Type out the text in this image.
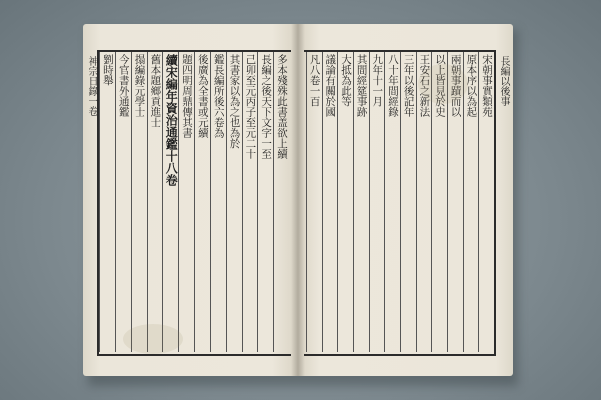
神宗日錄一卷	多本殘殊此書盖欲上續
長編之後天下文字一至
己卯至元丙子至元二十
其書家以為之也為於
鑑長編所後六卷為
後廣為全書或元續
題四明周鼎傳其書
續宋編年資治通鑑十八卷
舊本題鄉貢進士
搨編錄元學士
今官書外通鑑
劉時舉	宋朝事實類苑
原本序以為起
兩朝事蹟而以
以上皆見於史
王安石之新法
三年以後記年
八十年間經錄
九年十一月
其間經筵事跡
大抵為此等
議論有關於國
凡八卷一百	長編以後事
